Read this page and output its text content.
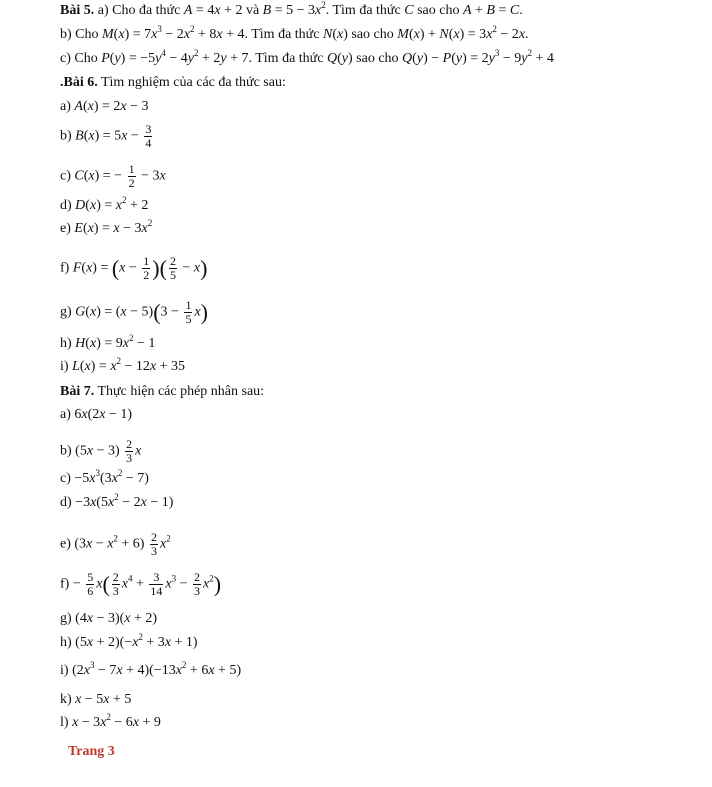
Bài 5. a) Cho đa thức A = 4x + 2 và $B = 5 - 3x^2$. Tìm đa thức C sao cho A + B = C.
b) Cho $M(x) = 7x^3 - 2x^2 + 8x + 4$. Tìm đa thức N(x) sao cho $M(x) + N(x) = 3x^2 - 2x$.
c) Cho $P(y) = -5y^4 - 4y^2 + 2y + 7$. Tìm đa thức Q(y) sao cho $Q(y) - P(y) = 2y^3 - 9y^2 + 4$
.Bài 6. Tìm nghiệm của các đa thức sau:
a) A(x) = 2x − 3
b) $B(x) = 5x - \frac{3}{4}$
c) C(x) = − $\frac{1}{2} - 3x$
d) $D(x) = x^2 + 2$
e) $E(x) = x - 3x^2$
f) $F(x) = (x - \frac{1}{2}$ )( $\frac{2}{5} - x$)
g) $G(x) = (x - 5)(3 - \frac{1}{5} x)$
h) $H(x) = 9x^2 - 1$
i) $L(x) = x^2 - 12x + 35$
Bài 7. Thực hiện các phép nhân sau:
a) 6x(2x − 1)
b) $(5x - 3) \frac{2}{3}$ x
$c) -5x^3(3x^2 - 7)$
$d) -3x(5x^2 - 2x - 1)$
e) $(3x - x^2 + 6) \frac{2}{3} x^2$
$f) - \frac{5}{6} x( \frac{2}{3} x^4 + \frac{3}{14} x^3 - \frac{2}{3} x^2)$
g) (4x − 3)(x + 2)
h) $(5x + 2)(-x^2 + 3x + 1)$
i) $(2x^3 - 7x + 4)(-13x^2 + 6x + 5)$
k) x − 5x + 5
l) $x - 3x^2 - 6x + 9$
Trang 3
